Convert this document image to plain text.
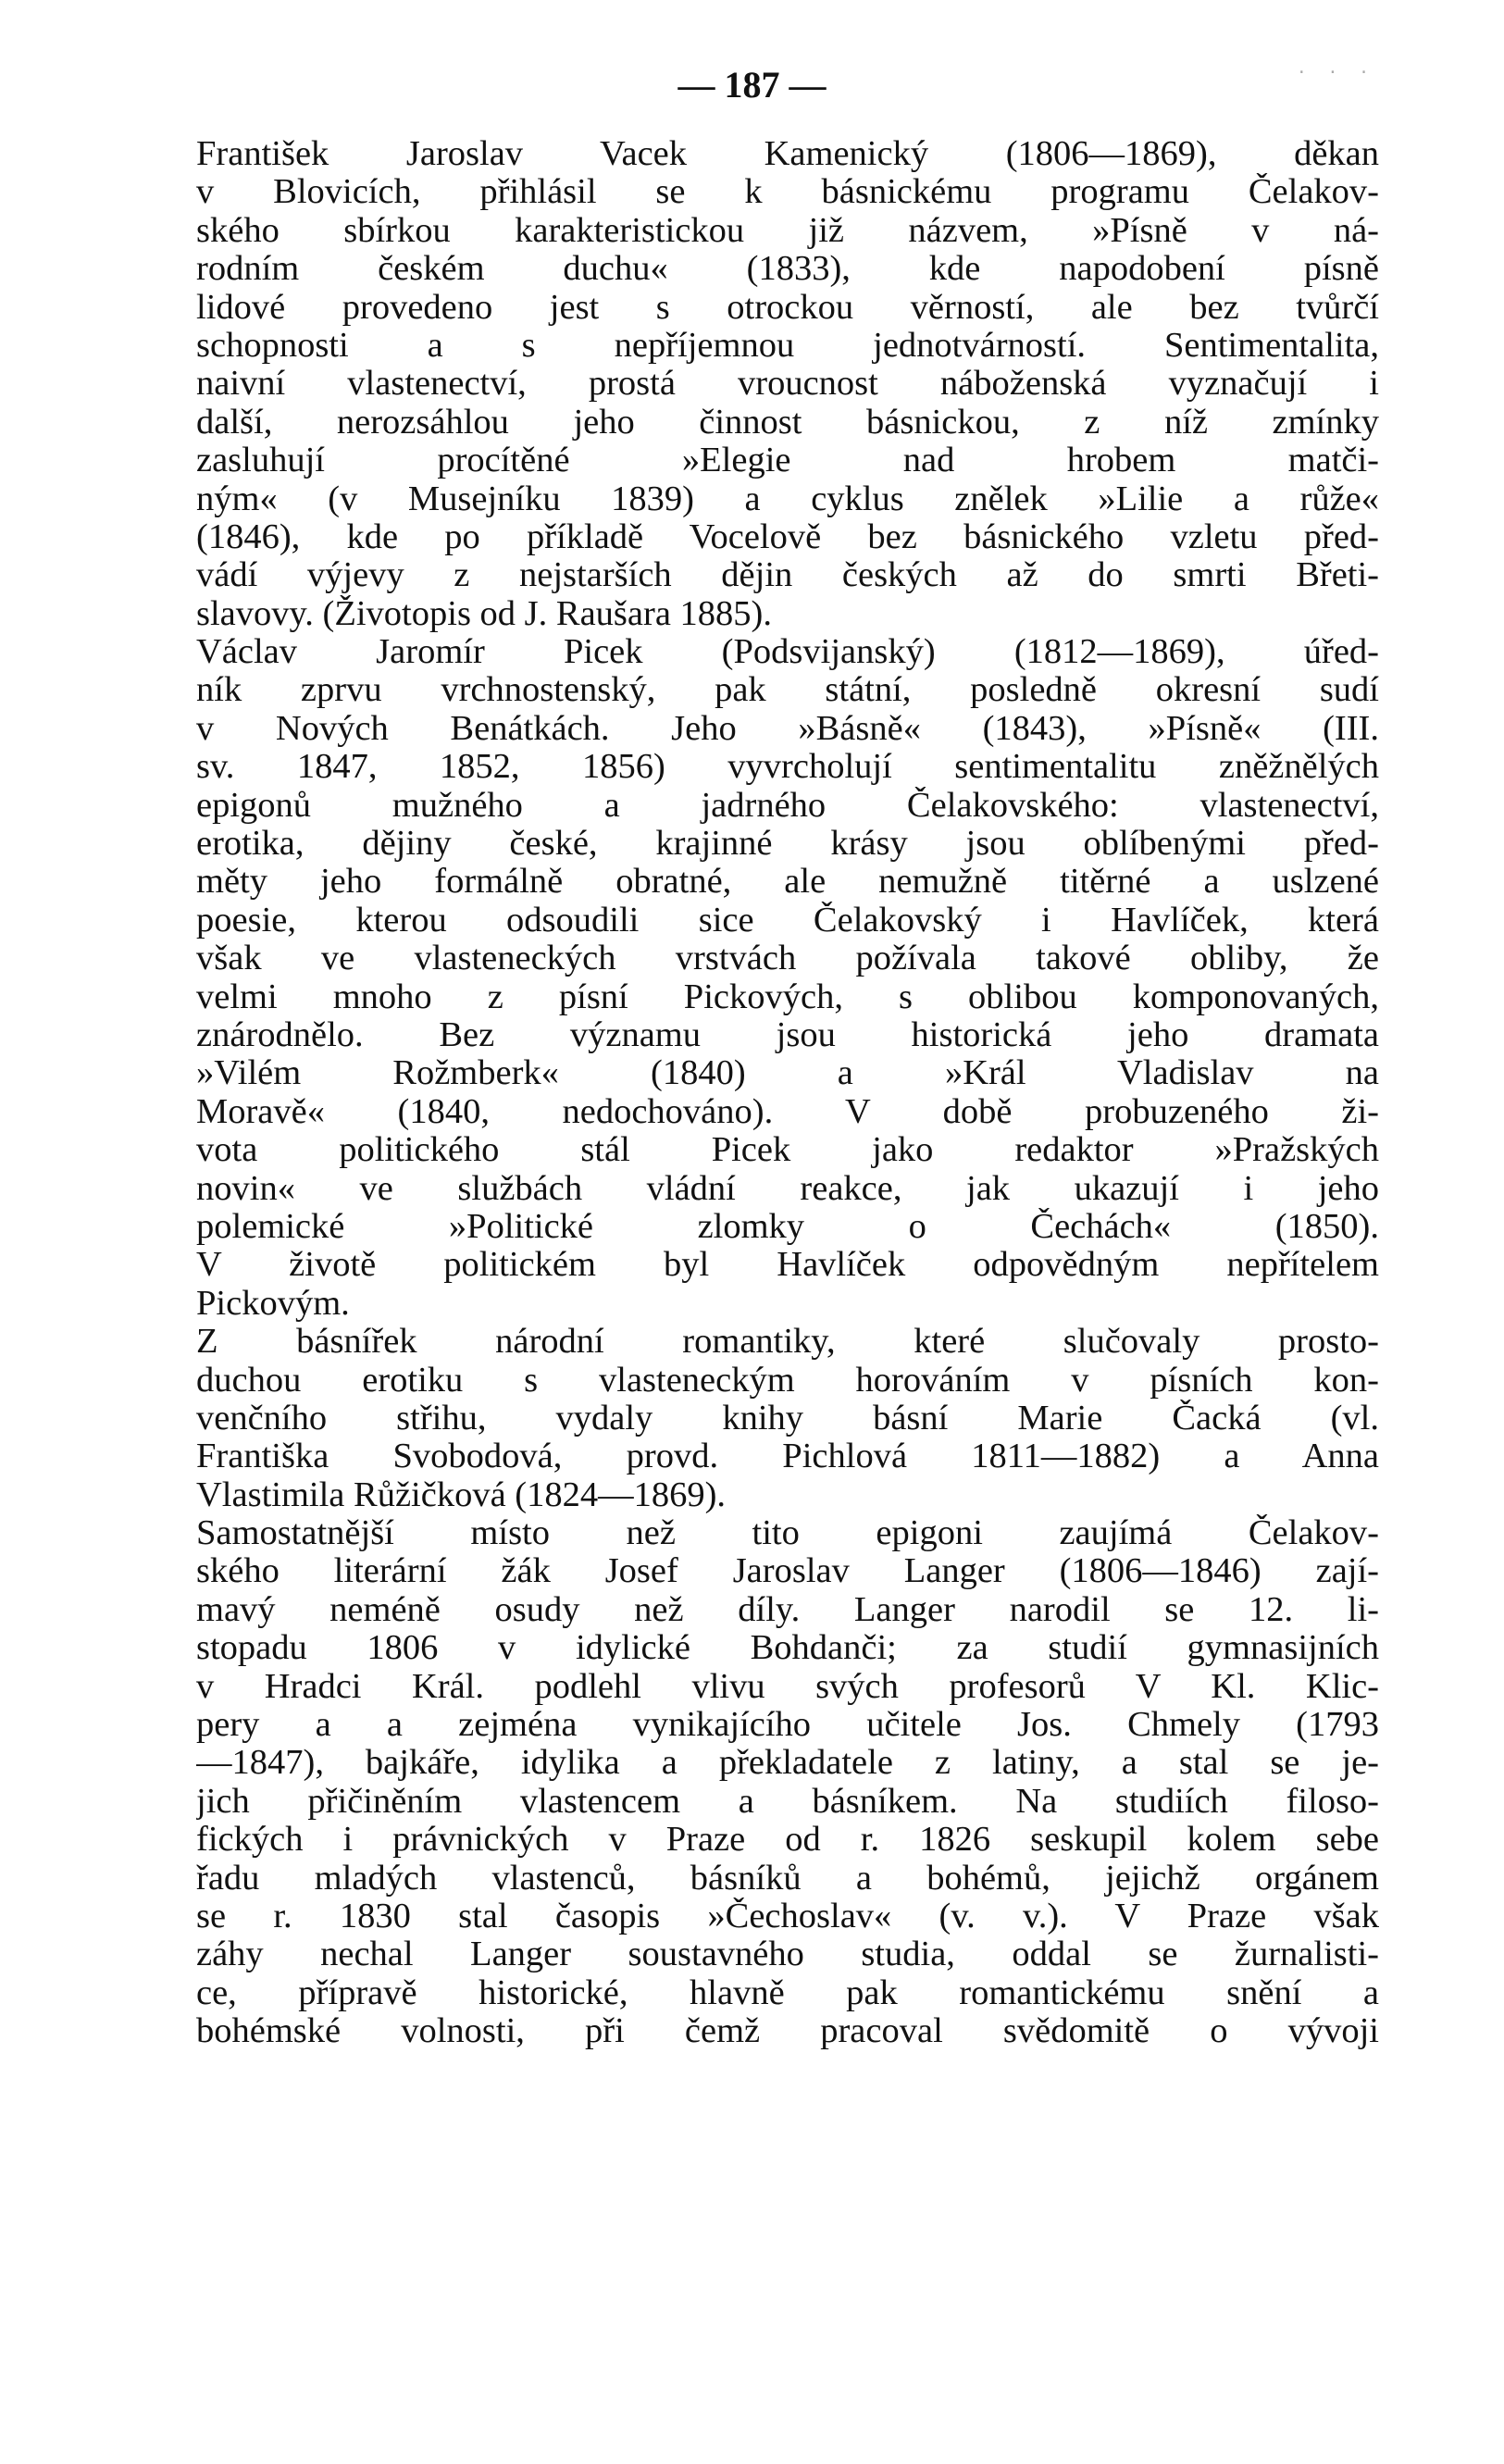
— 187 —	· · ·
František Jaroslav Vacek Kamenický (1806—1869), děkan
v Blovicích, přihlásil se k básnickému programu Čelakov-
ského sbírkou karakteristickou již názvem, »Písně v ná-
rodním českém duchu« (1833), kde napodobení písně
lidové provedeno jest s otrockou věrností, ale bez tvůrčí
schopnosti a s nepříjemnou jednotvárností. Sentimentalita,
naivní vlastenectví, prostá vroucnost náboženská vyznačují i
další, nerozsáhlou jeho činnost básnickou, z níž zmínky
zasluhují procítěné »Elegie nad hrobem matči-
ným« (v Musejníku 1839) a cyklus znělek »Lilie a růže«
(1846), kde po příkladě Vocelově bez básnického vzletu před-
vádí výjevy z nejstarších dějin českých až do smrti Břeti-
slavovy. (Životopis od J. Raušara 1885).
Václav Jaromír Picek (Podsvijanský) (1812—1869), úřed-
ník zprvu vrchnostenský, pak státní, posledně okresní sudí
v Nových Benátkách. Jeho »Básně« (1843), »Písně« (III.
sv. 1847, 1852, 1856) vyvrcholují sentimentalitu zněžnělých
epigonů mužného a jadrného Čelakovského: vlastenectví,
erotika, dějiny české, krajinné krásy jsou oblíbenými před-
měty jeho formálně obratné, ale nemužně titěrné a uslzené
poesie, kterou odsoudili sice Čelakovský i Havlíček, která
však ve vlasteneckých vrstvách požívala takové obliby, že
velmi mnoho z písní Pickových, s oblibou komponovaných,
znárodnělo. Bez významu jsou historická jeho dramata
»Vilém Rožmberk« (1840) a »Král Vladislav na
Moravě« (1840, nedochováno). V době probuzeného ži-
vota politického stál Picek jako redaktor »Pražských
novin« ve službách vládní reakce, jak ukazují i jeho
polemické »Politické zlomky o Čechách« (1850).
V životě politickém byl Havlíček odpovědným nepřítelem
Pickovým.
Z básnířek národní romantiky, které slučovaly prosto-
duchou erotiku s vlasteneckým horováním v písních kon-
venčního střihu, vydaly knihy básní Marie Čacká (vl.
Františka Svobodová, provd. Pichlová 1811—1882) a Anna
Vlastimila Růžičková (1824—1869).
Samostatnější místo než tito epigoni zaujímá Čelakov-
ského literární žák Josef Jaroslav Langer (1806—1846) zají-
mavý neméně osudy než díly. Langer narodil se 12. li-
stopadu 1806 v idylické Bohdanči; za studií gymnasijních
v Hradci Král. podlehl vlivu svých profesorů V Kl. Klic-
pery a a zejména vynikajícího učitele Jos. Chmely (1793
—1847), bajkáře, idylika a překladatele z latiny, a stal se je-
jich přičiněním vlastencem a básníkem. Na studiích filoso-
fických i právnických v Praze od r. 1826 seskupil kolem sebe
řadu mladých vlastenců, básníků a bohémů, jejichž orgánem
se r. 1830 stal časopis »Čechoslav« (v. v.). V Praze však
záhy nechal Langer soustavného studia, oddal se žurnalisti-
ce, přípravě historické, hlavně pak romantickému snění a
bohémské volnosti, při čemž pracoval svědomitě o vývoji
